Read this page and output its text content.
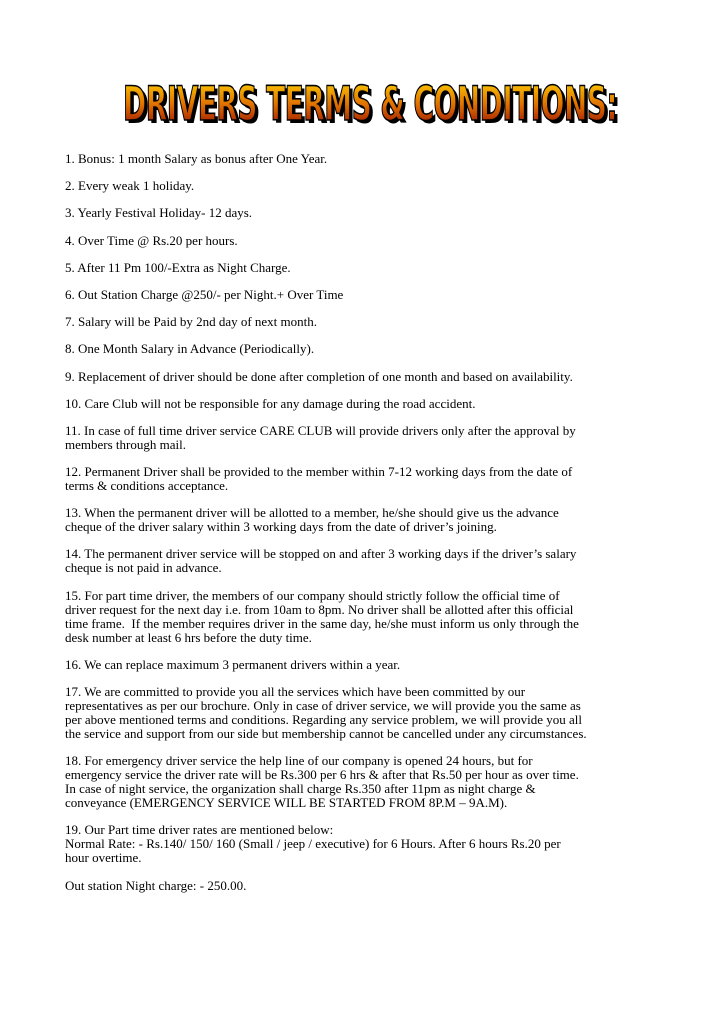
DRIVERS TERMS & CONDITIONS:
DRIVERS TERMS & CONDITIONS:
1. Bonus: 1 month Salary as bonus after One Year.
2. Every weak 1 holiday.
3. Yearly Festival Holiday- 12 days.
4. Over Time @ Rs.20 per hours.
5. After 11 Pm 100/-Extra as Night Charge.
6. Out Station Charge @250/- per Night.+ Over Time
7. Salary will be Paid by 2nd day of next month.
8. One Month Salary in Advance (Periodically).
9. Replacement of driver should be done after completion of one month and based on availability.
10. Care Club will not be responsible for any damage during the road accident.
11. In case of full time driver service CARE CLUB will provide drivers only after the approval by
members through mail.
12. Permanent Driver shall be provided to the member within 7-12 working days from the date of
terms & conditions acceptance.
13. When the permanent driver will be allotted to a member, he/she should give us the advance
cheque of the driver salary within 3 working days from the date of driver’s joining.
14. The permanent driver service will be stopped on and after 3 working days if the driver’s salary
cheque is not paid in advance.
15. For part time driver, the members of our company should strictly follow the official time of
driver request for the next day i.e. from 10am to 8pm. No driver shall be allotted after this official
time frame.  If the member requires driver in the same day, he/she must inform us only through the
desk number at least 6 hrs before the duty time.
16. We can replace maximum 3 permanent drivers within a year.
17. We are committed to provide you all the services which have been committed by our
representatives as per our brochure. Only in case of driver service, we will provide you the same as
per above mentioned terms and conditions. Regarding any service problem, we will provide you all
the service and support from our side but membership cannot be cancelled under any circumstances.
18. For emergency driver service the help line of our company is opened 24 hours, but for
emergency service the driver rate will be Rs.300 per 6 hrs & after that Rs.50 per hour as over time.
In case of night service, the organization shall charge Rs.350 after 11pm as night charge &
conveyance (EMERGENCY SERVICE WILL BE STARTED FROM 8P.M – 9A.M).
19. Our Part time driver rates are mentioned below:
Normal Rate: - Rs.140/ 150/ 160 (Small / jeep / executive) for 6 Hours. After 6 hours Rs.20 per
hour overtime.
Out station Night charge: - 250.00.
